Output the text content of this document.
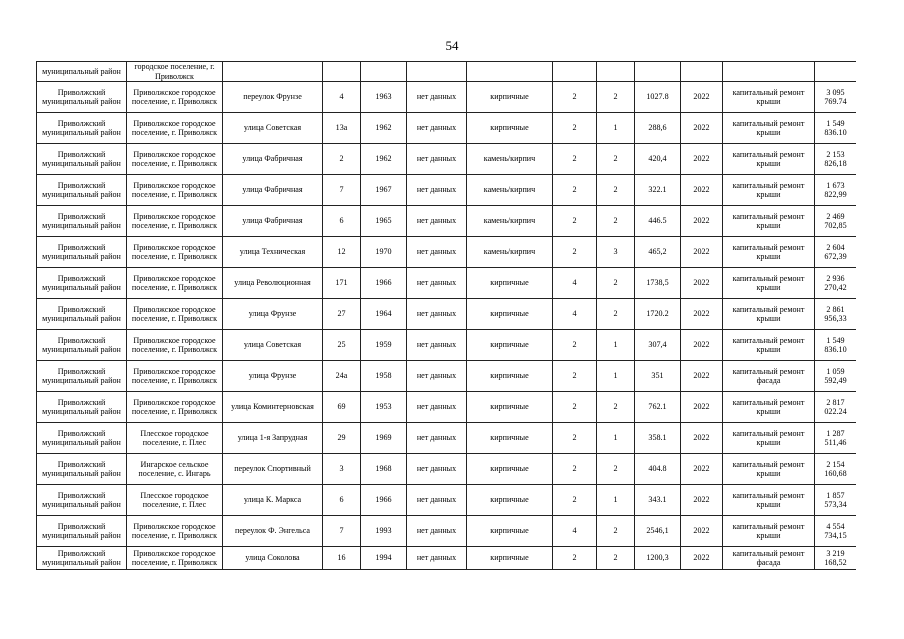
54
муниципальный район	городское поселение, г. Приволжск											
Приволжский муниципальный район	Приволжское городское поселение, г. Приволжск	переулок Фрунзе	4	1963	нет данных	кирпичные	2	2	1027.8	2022	капитальный ремонт крыши	3 095 769.74
Приволжский муниципальный район	Приволжское городское поселение, г. Приволжск	улица Советская	13а	1962	нет данных	кирпичные	2	1	288,6	2022	капитальный ремонт крыши	1 549 836.10
Приволжский муниципальный район	Приволжское городское поселение, г. Приволжск	улица Фабричная	2	1962	нет данных	камень/кирпич	2	2	420,4	2022	капитальный ремонт крыши	2 153 826,18
Приволжский муниципальный район	Приволжское городское поселение, г. Приволжск	улица Фабричная	7	1967	нет данных	камень/кирпич	2	2	322.1	2022	капитальный ремонт крыши	1 673 822,99
Приволжский муниципальный район	Приволжское городское поселение, г. Приволжск	улица Фабричная	6	1965	нет данных	камень/кирпич	2	2	446.5	2022	капитальный ремонт крыши	2 469 702,85
Приволжский муниципальный район	Приволжское городское поселение, г. Приволжск	улица Техническая	12	1970	нет данных	камень/кирпич	2	3	465,2	2022	капитальный ремонт крыши	2 604 672,39
Приволжский муниципальный район	Приволжское городское поселение, г. Приволжск	улица Революционная	171	1966	нет данных	кирпичные	4	2	1738,5	2022	капитальный ремонт крыши	2 936 270,42
Приволжский муниципальный район	Приволжское городское поселение, г. Приволжск	улица Фрунзе	27	1964	нет данных	кирпичные	4	2	1720.2	2022	капитальный ремонт крыши	2 861 956,33
Приволжский муниципальный район	Приволжское городское поселение, г. Приволжск	улица Советская	25	1959	нет данных	кирпичные	2	1	307,4	2022	капитальный ремонт крыши	1 549 836.10
Приволжский муниципальный район	Приволжское городское поселение, г. Приволжск	улица Фрунзе	24а	1958	нет данных	кирпичные	2	1	351	2022	капитальный ремонт фасада	1 059 592,49
Приволжский муниципальный район	Приволжское городское поселение, г. Приволжск	улица Коминтерновская	69	1953	нет данных	кирпичные	2	2	762.1	2022	капитальный ремонт крыши	2 817 022.24
Приволжский муниципальный район	Плесское городское поселение, г. Плес	улица 1-я Запрудная	29	1969	нет данных	кирпичные	2	1	358.1	2022	капитальный ремонт крыши	1 287 511,46
Приволжский муниципальный район	Ингарское сельское поселение, с. Ингарь	переулок Спортивный	3	1968	нет данных	кирпичные	2	2	404.8	2022	капитальный ремонт крыши	2 154 160,68
Приволжский муниципальный район	Плесское городское поселение, г. Плес	улица К. Маркса	6	1966	нет данных	кирпичные	2	1	343.1	2022	капитальный ремонт крыши	1 857 573,34
Приволжский муниципальный район	Приволжское городское поселение, г. Приволжск	переулок Ф. Энгельса	7	1993	нет данных	кирпичные	4	2	2546,1	2022	капитальный ремонт крыши	4 554 734,15
Приволжский муниципальный район	Приволжское городское поселение, г. Приволжск	улица Соколова	16	1994	нет данных	кирпичные	2	2	1200,3	2022	капитальный ремонт фасада	3 219 168,52
